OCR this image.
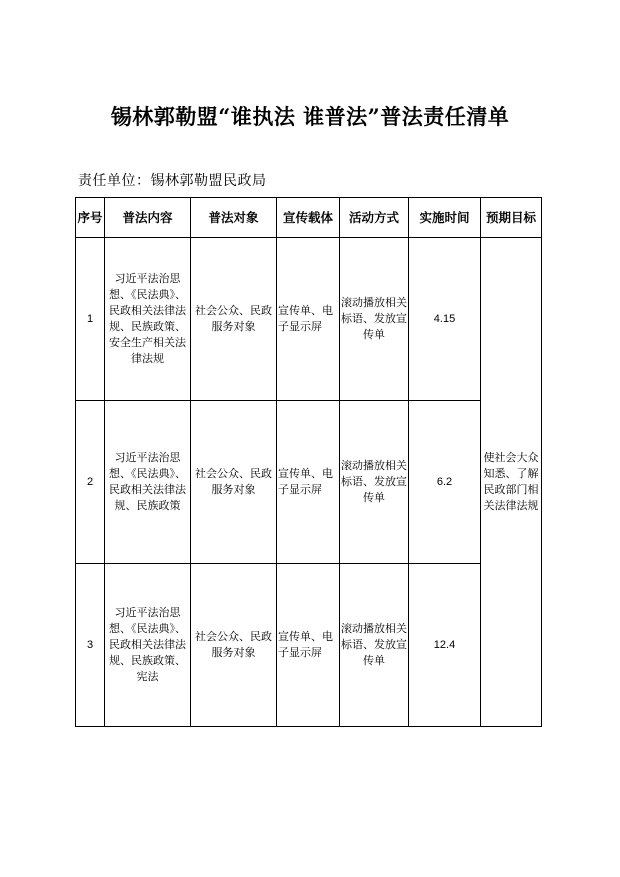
锡林郭勒盟“谁执法 谁普法”普法责任清单
责任单位：锡林郭勒盟民政局
序号	普法内容	普法对象	宣传载体	活动方式	实施时间	预期目标
1	习近平法治思想、《民法典》、民政相关法律法规、民族政策、安全生产相关法律法规	社会公众、民政服务对象	宣传单、电子显示屏	滚动播放相关标语、发放宣传单	4.15	使社会大众知悉、了解民政部门相关法律法规
2	习近平法治思想、《民法典》、民政相关法律法规、民族政策	社会公众、民政服务对象	宣传单、电子显示屏	滚动播放相关标语、发放宣传单	6.2	
3	习近平法治思想、《民法典》、民政相关法律法规、民族政策、宪法	社会公众、民政服务对象	宣传单、电子显示屏	滚动播放相关标语、发放宣传单	12.4	
